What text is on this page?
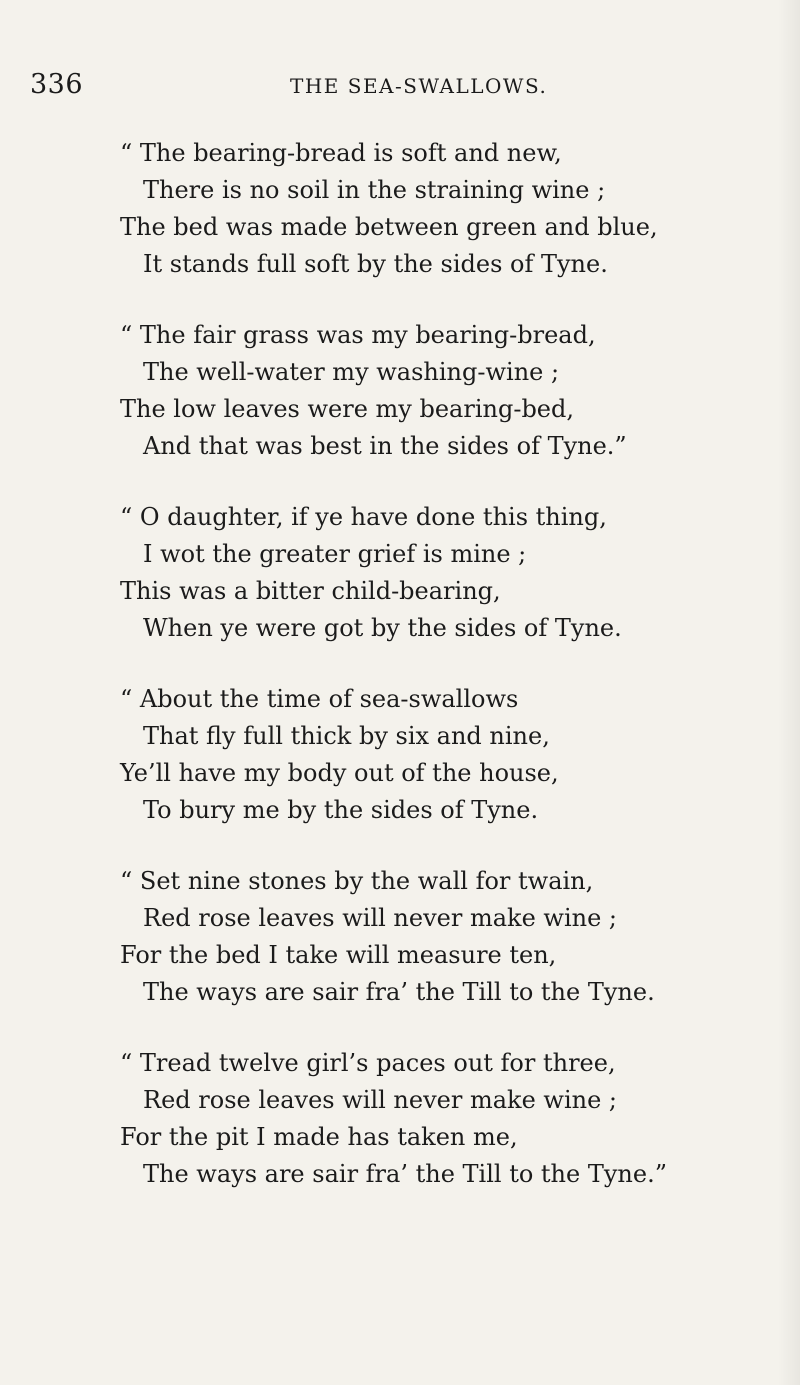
336	THE SEA-SWALLOWS.
“ The bearing-bread is soft and new,
There is no soil in the straining wine ;
The bed was made between green and blue,
It stands full soft by the sides of Tyne.
“ The fair grass was my bearing-bread,
The well-water my washing-wine ;
The low leaves were my bearing-bed,
And that was best in the sides of Tyne.”
“ O daughter, if ye have done this thing,
I wot the greater grief is mine ;
This was a bitter child-bearing,
When ye were got by the sides of Tyne.
“ About the time of sea-swallows
That fly full thick by six and nine,
Ye’ll have my body out of the house,
To bury me by the sides of Tyne.
“ Set nine stones by the wall for twain,
Red rose leaves will never make wine ;
For the bed I take will measure ten,
The ways are sair fra’ the Till to the Tyne.
“ Tread twelve girl’s paces out for three,
Red rose leaves will never make wine ;
For the pit I made has taken me,
The ways are sair fra’ the Till to the Tyne.”
